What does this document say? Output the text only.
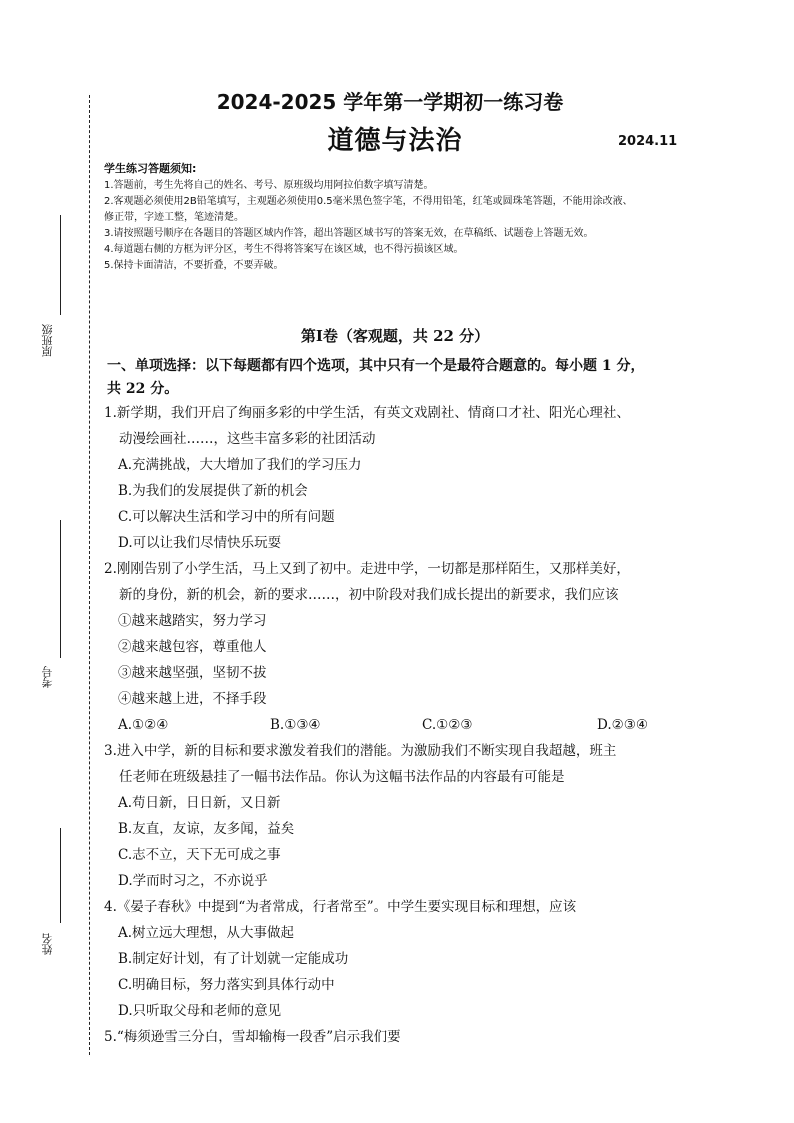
原班级
考号
姓名
2024-2025 学年第一学期初一练习卷
道德与法治	2024.11
学生练习答题须知:
1.答题前，考生先将自己的姓名、考号、原班级均用阿拉伯数字填写清楚。
2.客观题必须使用2B铅笔填写，主观题必须使用0.5毫米黑色签字笔，不得用铅笔，红笔或圆珠笔答题，不能用涂改液、
修正带，字迹工整，笔迹清楚。
3.请按照题号顺序在各题目的答题区域内作答，超出答题区域书写的答案无效，在草稿纸、试题卷上答题无效。
4.每道题右侧的方框为评分区，考生不得将答案写在该区域，也不得污损该区域。
5.保持卡面清洁，不要折叠，不要弄破。
第Ⅰ卷（客观题，共 22 分）
一、单项选择：以下每题都有四个选项，其中只有一个是最符合题意的。每小题 1 分，
共 22 分。
1.新学期，我们开启了绚丽多彩的中学生活，有英文戏剧社、情商口才社、阳光心理社、
动漫绘画社……，这些丰富多彩的社团活动
A.充满挑战，大大增加了我们的学习压力
B.为我们的发展提供了新的机会
C.可以解决生活和学习中的所有问题
D.可以让我们尽情快乐玩耍
2.刚刚告别了小学生活，马上又到了初中。走进中学，一切都是那样陌生，又那样美好，
新的身份，新的机会，新的要求……，初中阶段对我们成长提出的新要求，我们应该
①越来越踏实，努力学习
②越来越包容，尊重他人
③越来越坚强，坚韧不拔
④越来越上进，不择手段
A.①②④	B.①③④	C.①②③	D.②③④
3.进入中学，新的目标和要求激发着我们的潜能。为激励我们不断实现自我超越，班主
任老师在班级悬挂了一幅书法作品。你认为这幅书法作品的内容最有可能是
A.苟日新，日日新，又日新
B.友直，友谅，友多闻，益矣
C.志不立，天下无可成之事
D.学而时习之，不亦说乎
4.《晏子春秋》中提到“为者常成，行者常至”。中学生要实现目标和理想，应该
A.树立远大理想，从大事做起
B.制定好计划，有了计划就一定能成功
C.明确目标，努力落实到具体行动中
D.只听取父母和老师的意见
5.“梅须逊雪三分白，雪却输梅一段香”启示我们要
